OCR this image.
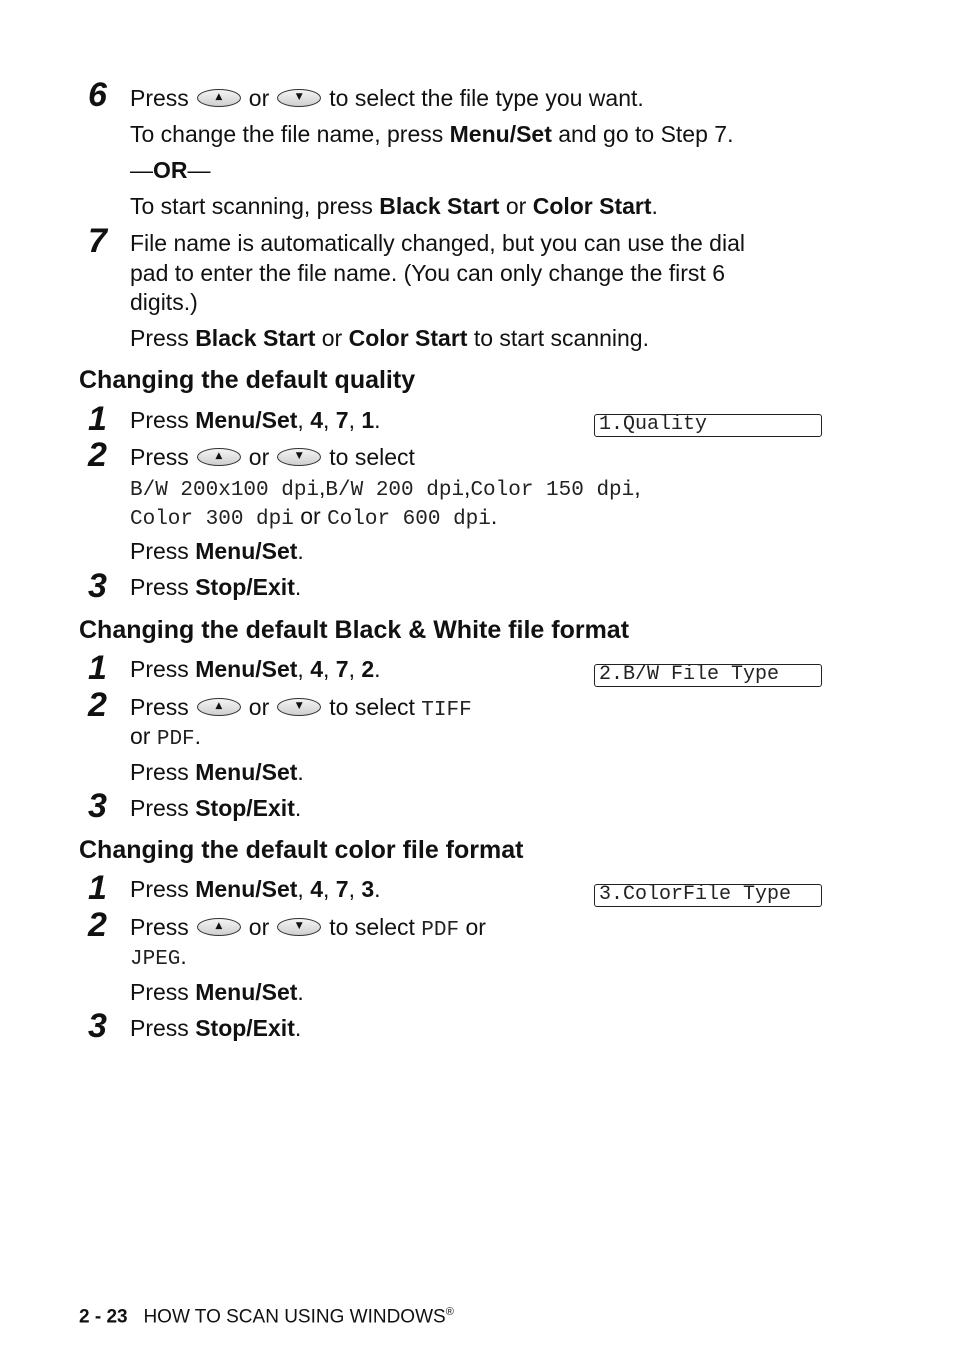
6 Press	▲ or	▼ to select the file type you want.
To change the file name, press Menu/Set and go to Step 7.
—OR—
To start scanning, press Black Start or Color Start.
7 File name is automatically changed, but you can use the dial
pad to enter the file name. (You can only change the first 6
digits.)
Press Black Start or Color Start to start scanning.
Changing the default quality
1 Press Menu/Set, 4, 7, 1.	1.Quality
2 Press	▲ or	▼ to select
B/W 200x100 dpi,B/W 200 dpi,Color 150 dpi,
Color 300 dpi or Color 600 dpi.
Press Menu/Set.
3 Press Stop/Exit.
Changing the default Black & White file format
1 Press Menu/Set, 4, 7, 2.	2.B/W File Type
2 Press	▲ or	▼ to select TIFF
or PDF.
Press Menu/Set.
3 Press Stop/Exit.
Changing the default color file format
1 Press Menu/Set, 4, 7, 3.	3.ColorFile Type
2 Press	▲ or	▼ to select PDF or
JPEG.
Press Menu/Set.
3 Press Stop/Exit.
2 - 23 HOW TO SCAN USING WINDOWS®
